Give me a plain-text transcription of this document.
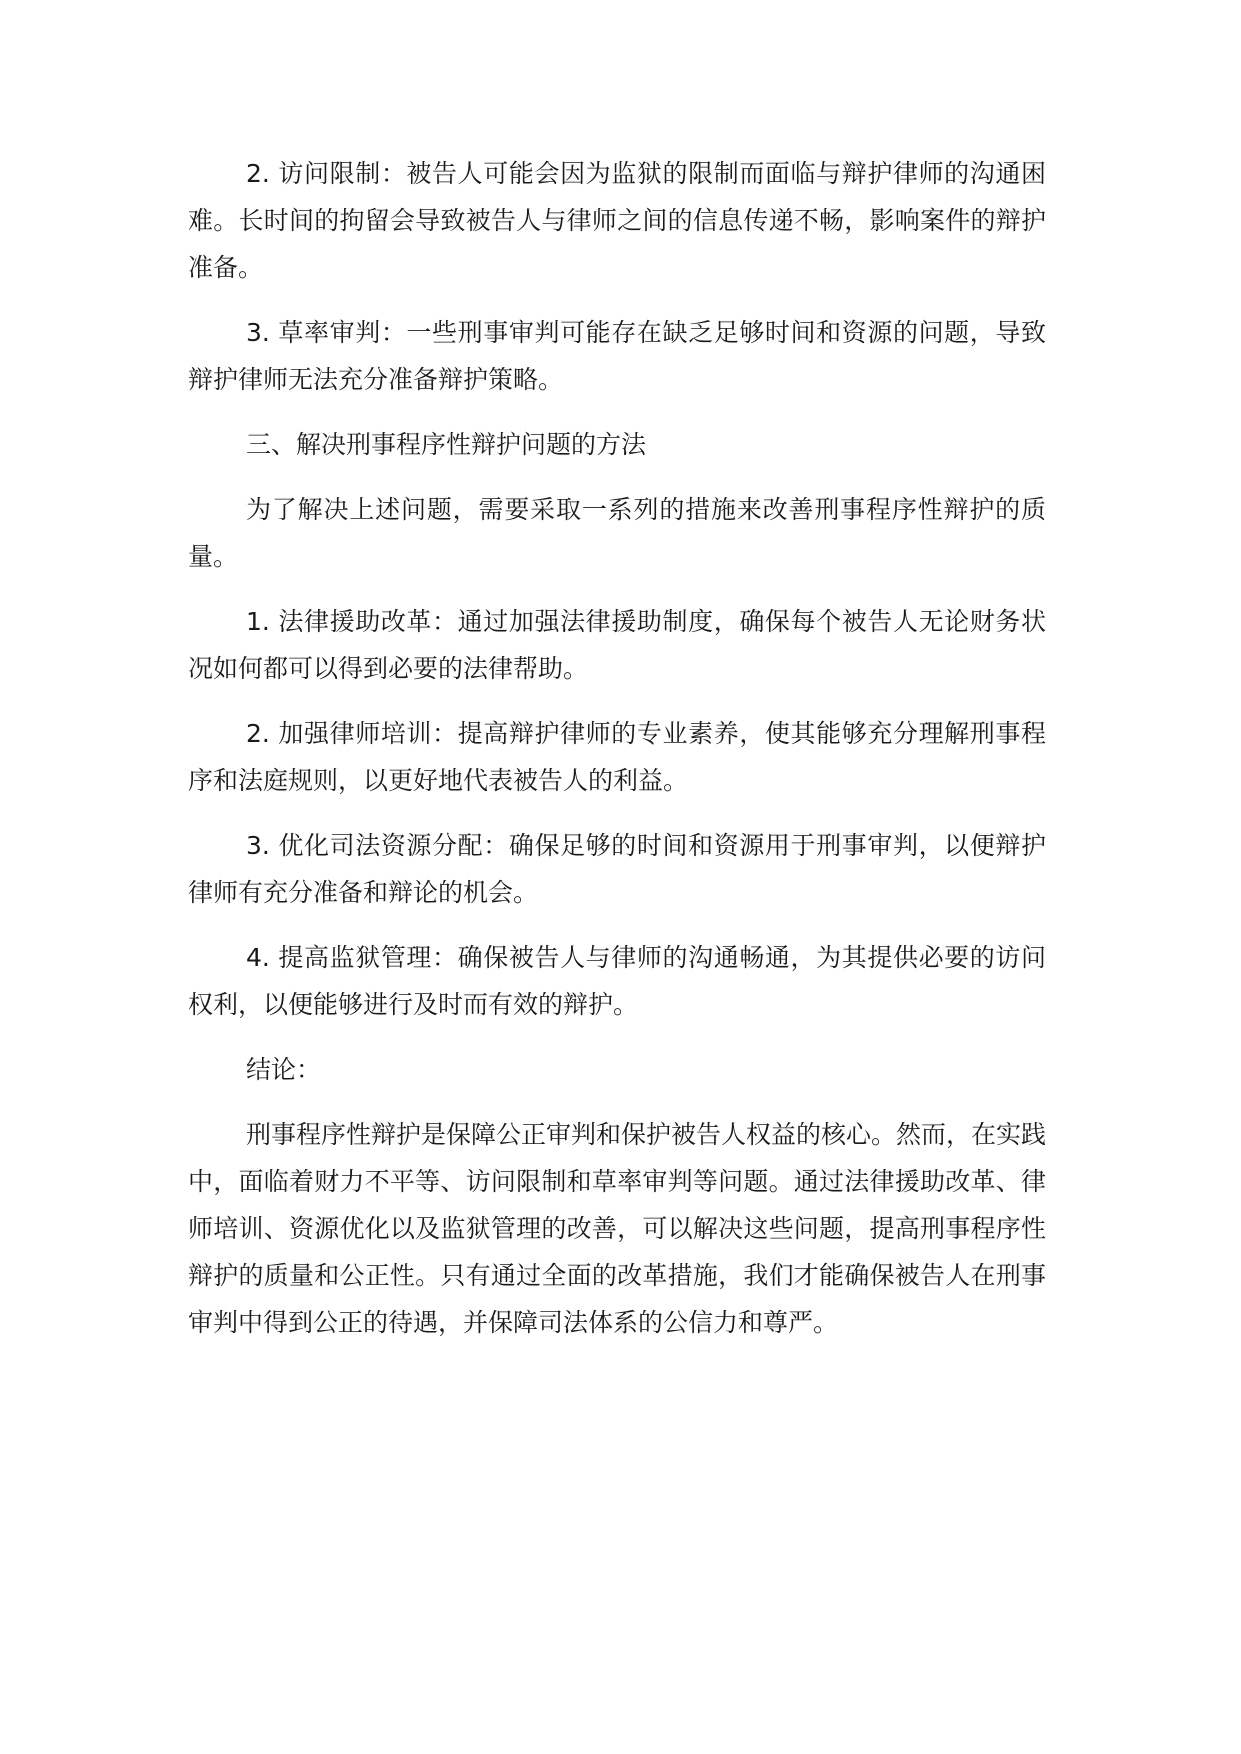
2. 访问限制：被告人可能会因为监狱的限制而面临与辩护律师的沟通困难。长时间的拘留会导致被告人与律师之间的信息传递不畅，影响案件的辩护准备。

3. 草率审判：一些刑事审判可能存在缺乏足够时间和资源的问题，导致辩护律师无法充分准备辩护策略。

三、解决刑事程序性辩护问题的方法

为了解决上述问题，需要采取一系列的措施来改善刑事程序性辩护的质量。

1. 法律援助改革：通过加强法律援助制度，确保每个被告人无论财务状况如何都可以得到必要的法律帮助。

2. 加强律师培训：提高辩护律师的专业素养，使其能够充分理解刑事程序和法庭规则，以更好地代表被告人的利益。

3. 优化司法资源分配：确保足够的时间和资源用于刑事审判，以便辩护律师有充分准备和辩论的机会。

4. 提高监狱管理：确保被告人与律师的沟通畅通，为其提供必要的访问权利，以便能够进行及时而有效的辩护。

结论：

刑事程序性辩护是保障公正审判和保护被告人权益的核心。然而，在实践中，面临着财力不平等、访问限制和草率审判等问题。通过法律援助改革、律师培训、资源优化以及监狱管理的改善，可以解决这些问题，提高刑事程序性辩护的质量和公正性。只有通过全面的改革措施，我们才能确保被告人在刑事审判中得到公正的待遇，并保障司法体系的公信力和尊严。
